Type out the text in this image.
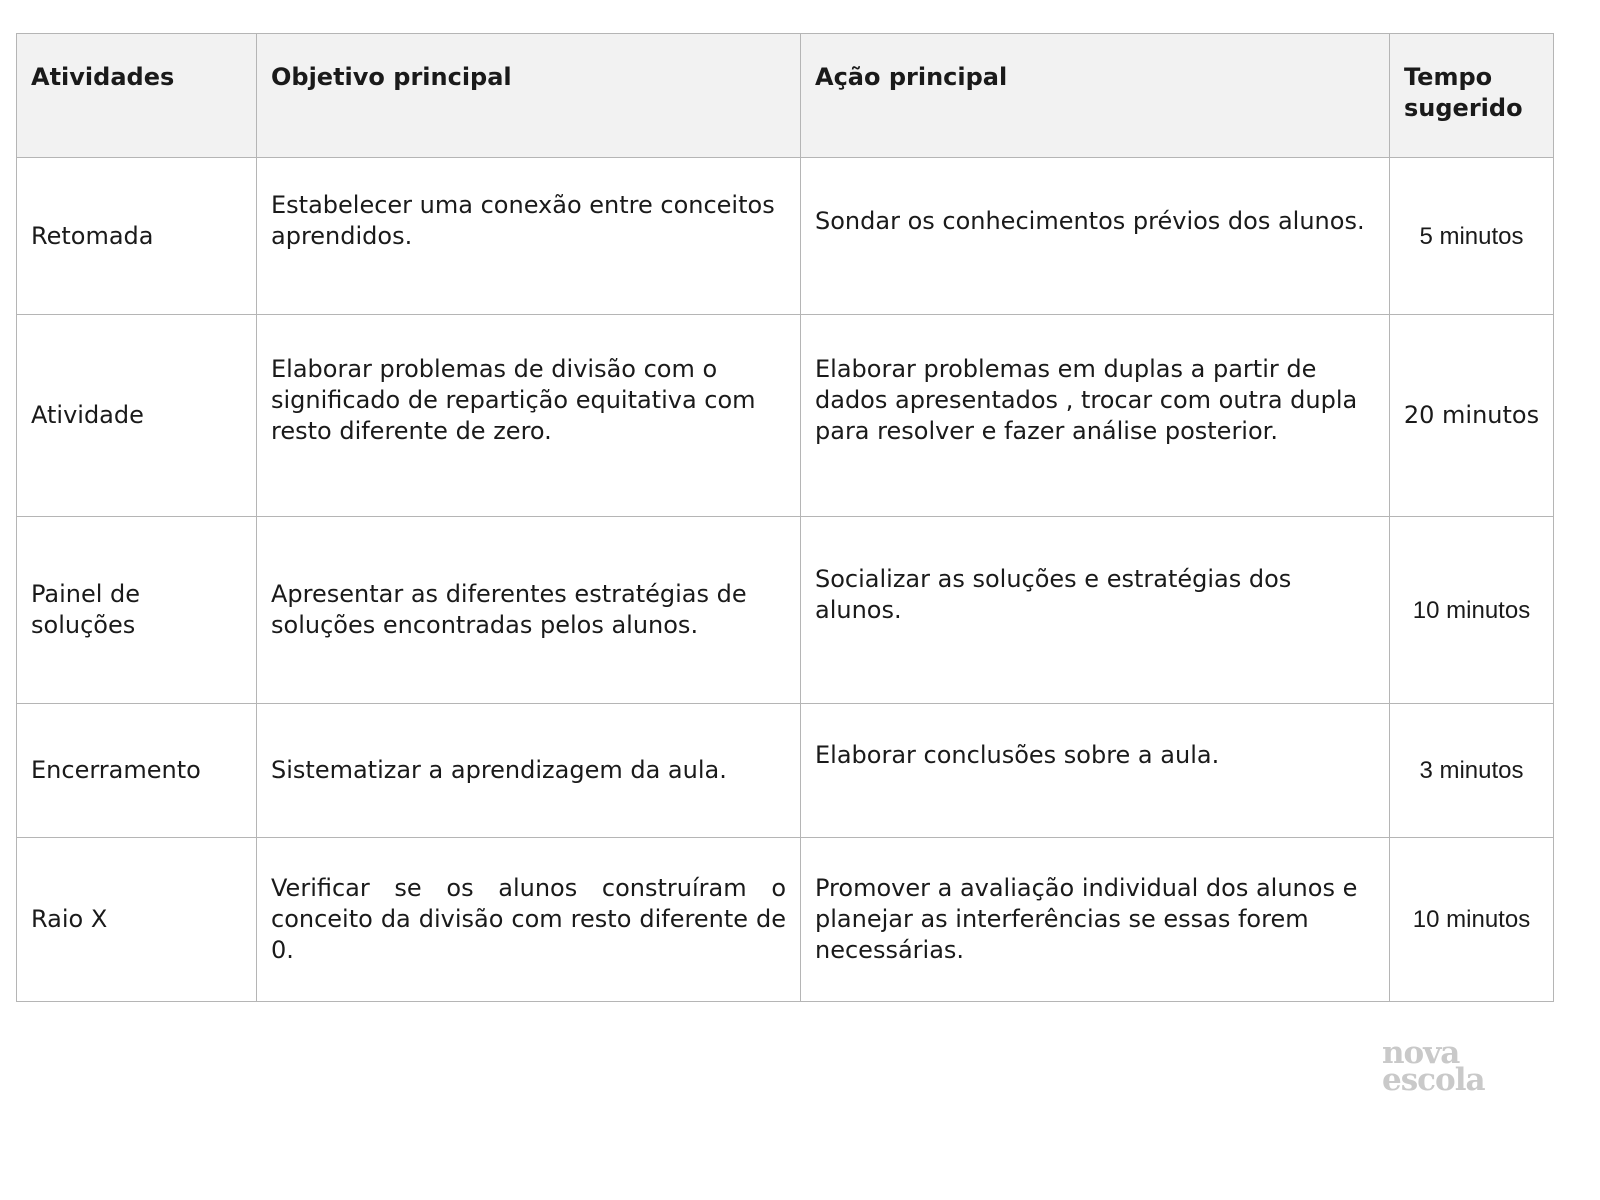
Atividades	Objetivo principal	Ação principal	Tempo sugerido
Retomada	Estabelecer uma conexão entre conceitos aprendidos.	Sondar os conhecimentos prévios dos alunos.	5 minutos
Atividade	Elaborar problemas de divisão com o significado de repartição equitativa com resto diferente de zero.	Elaborar problemas em duplas a partir de dados apresentados , trocar com outra dupla para resolver e fazer análise posterior.	20 minutos
Painel de soluções	Apresentar as diferentes estratégias de soluções encontradas pelos alunos.	Socializar as soluções e estratégias dos alunos.	10 minutos
Encerramento	Sistematizar a aprendizagem da aula.	Elaborar conclusões sobre a aula.	3 minutos
Raio X	Verificar se os alunos construíram o conceito da divisão com resto diferente de 0.	Promover a avaliação individual dos alunos e planejar as interferências se essas forem necessárias.	10 minutos
nova
escola
